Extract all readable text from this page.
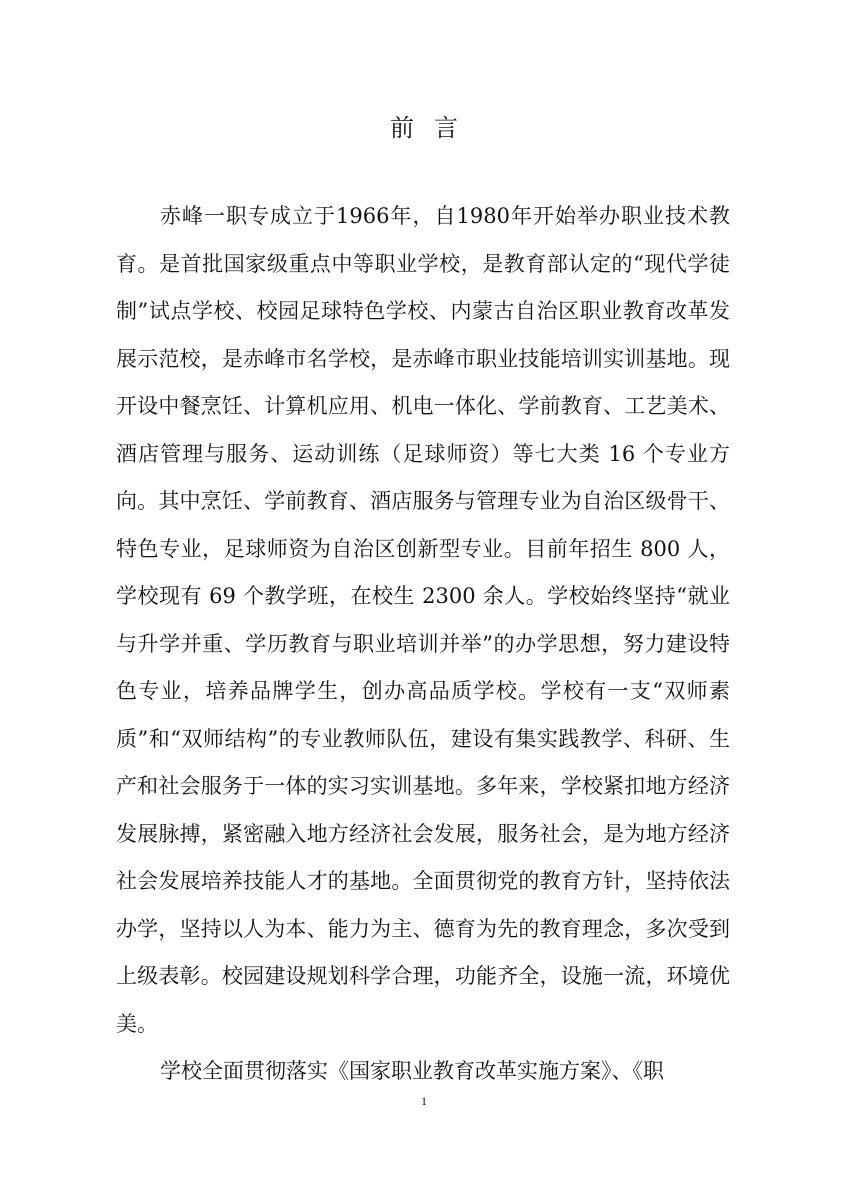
前言

赤峰一职专成立于1966年，自1980年开始举办职业技术教育。是首批国家级重点中等职业学校，是教育部认定的“现代学徒制”试点学校、校园足球特色学校、内蒙古自治区职业教育改革发展示范校，是赤峰市名学校，是赤峰市职业技能培训实训基地。现开设中餐烹饪、计算机应用、机电一体化、学前教育、工艺美术、酒店管理与服务、运动训练（足球师资）等七大类 16 个专业方向。其中烹饪、学前教育、酒店服务与管理专业为自治区级骨干、特色专业，足球师资为自治区创新型专业。目前年招生 800 人，学校现有 69 个教学班，在校生 2300 余人。学校始终坚持“就业与升学并重、学历教育与职业培训并举”的办学思想，努力建设特色专业，培养品牌学生，创办高品质学校。学校有一支“双师素质”和“双师结构”的专业教师队伍，建设有集实践教学、科研、生产和社会服务于一体的实习实训基地。多年来，学校紧扣地方经济发展脉搏，紧密融入地方经济社会发展，服务社会，是为地方经济社会发展培养技能人才的基地。全面贯彻党的教育方针，坚持依法办学，坚持以人为本、能力为主、德育为先的教育理念，多次受到上级表彰。校园建设规划科学合理，功能齐全，设施一流，环境优美。

学校全面贯彻落实《国家职业教育改革实施方案》、《职

1
